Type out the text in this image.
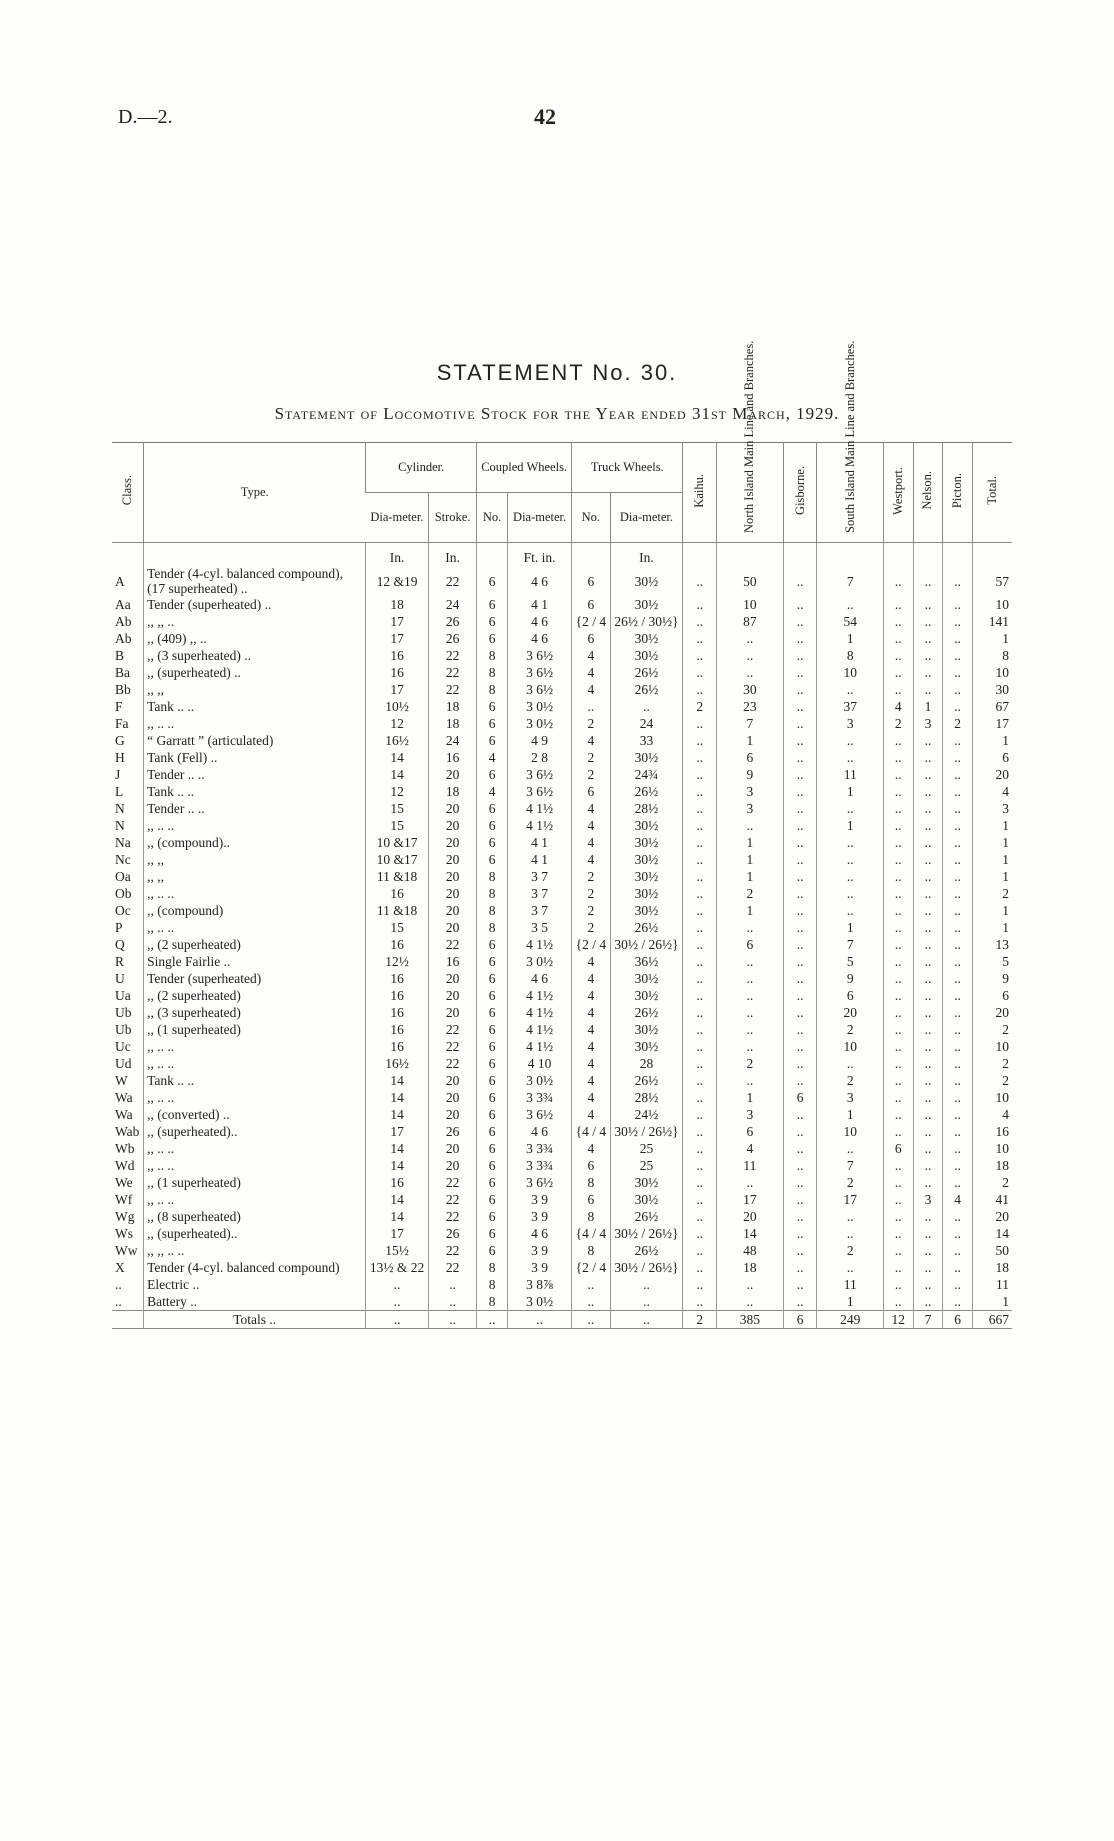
D.—2.	42
STATEMENT No. 30.
Statement of Locomotive Stock for the Year ended 31st March, 1929.
Class.	Type.	Cylinder.		Coupled Wheels.		Truck Wheels.		Kaihu.	North Island Main Line and Branches.	Gisborne.	South Island Main Line and Branches.	Westport.	Nelson.	Picton.	Total.
		Dia-meter.	Stroke.	No.	Dia-meter.	No.	Dia-meter.								
		In.	In.		Ft. in.		In.								
A	Tender (4-cyl. balanced compound), (17 superheated) ..	12 &19	22	6	4 6	6	30½	..	50	..	7	..	..	..	57
Aa	Tender (superheated) ..	18	24	6	4 1	6	30½	..	10	..	..	..	..	..	10
Ab	,, ,, ..	17	26	6	4 6	{2 / 4	26½ / 30½}	..	87	..	54	..	..	..	141
Ab	,, (409) ,, ..	17	26	6	4 6	6	30½	..	..	..	1	..	..	..	1
B	,, (3 superheated) ..	16	22	8	3 6½	4	30½	..	..	..	8	..	..	..	8
Ba	,, (superheated) ..	16	22	8	3 6½	4	26½	..	..	..	10	..	..	..	10
Bb	,, ,,	17	22	8	3 6½	4	26½	..	30	..	..	..	..	..	30
F	Tank .. ..	10½	18	6	3 0½	..	..	2	23	..	37	4	1	..	67
Fa	,, .. ..	12	18	6	3 0½	2	24	..	7	..	3	2	3	2	17
G	“ Garratt ” (articulated)	16½	24	6	4 9	4	33	..	1	..	..	..	..	..	1
H	Tank (Fell) ..	14	16	4	2 8	2	30½	..	6	..	..	..	..	..	6
J	Tender .. ..	14	20	6	3 6½	2	24¾	..	9	..	11	..	..	..	20
L	Tank .. ..	12	18	4	3 6½	6	26½	..	3	..	1	..	..	..	4
N	Tender .. ..	15	20	6	4 1½	4	28½	..	3	..	..	..	..	..	3
N	,, .. ..	15	20	6	4 1½	4	30½	..	..	..	1	..	..	..	1
Na	,, (compound)..	10 &17	20	6	4 1	4	30½	..	1	..	..	..	..	..	1
Nc	,, ,,	10 &17	20	6	4 1	4	30½	..	1	..	..	..	..	..	1
Oa	,, ,,	11 &18	20	8	3 7	2	30½	..	1	..	..	..	..	..	1
Ob	,, .. ..	16	20	8	3 7	2	30½	..	2	..	..	..	..	..	2
Oc	,, (compound)	11 &18	20	8	3 7	2	30½	..	1	..	..	..	..	..	1
P	,, .. ..	15	20	8	3 5	2	26½	..	..	..	1	..	..	..	1
Q	,, (2 superheated)	16	22	6	4 1½	{2 / 4	30½ / 26½}	..	6	..	7	..	..	..	13
R	Single Fairlie ..	12½	16	6	3 0½	4	36½	..	..	..	5	..	..	..	5
U	Tender (superheated)	16	20	6	4 6	4	30½	..	..	..	9	..	..	..	9
Ua	,, (2 superheated)	16	20	6	4 1½	4	30½	..	..	..	6	..	..	..	6
Ub	,, (3 superheated)	16	20	6	4 1½	4	26½	..	..	..	20	..	..	..	20
Ub	,, (1 superheated)	16	22	6	4 1½	4	30½	..	..	..	2	..	..	..	2
Uc	,, .. ..	16	22	6	4 1½	4	30½	..	..	..	10	..	..	..	10
Ud	,, .. ..	16½	22	6	4 10	4	28	..	2	..	..	..	..	..	2
W	Tank .. ..	14	20	6	3 0½	4	26½	..	..	..	2	..	..	..	2
Wa	,, .. ..	14	20	6	3 3¾	4	28½	..	1	6	3	..	..	..	10
Wa	,, (converted) ..	14	20	6	3 6½	4	24½	..	3	..	1	..	..	..	4
Wab	,, (superheated)..	17	26	6	4 6	{4 / 4	30½ / 26½}	..	6	..	10	..	..	..	16
Wb	,, .. ..	14	20	6	3 3¾	4	25	..	4	..	..	6	..	..	10
Wd	,, .. ..	14	20	6	3 3¾	6	25	..	11	..	7	..	..	..	18
We	,, (1 superheated)	16	22	6	3 6½	8	30½	..	..	..	2	..	..	..	2
Wf	,, .. ..	14	22	6	3 9	6	30½	..	17	..	17	..	3	4	41
Wg	,, (8 superheated)	14	22	6	3 9	8	26½	..	20	..	..	..	..	..	20
Ws	,, (superheated)..	17	26	6	4 6	{4 / 4	30½ / 26½}	..	14	..	..	..	..	..	14
Ww	,, ,, .. ..	15½	22	6	3 9	8	26½	..	48	..	2	..	..	..	50
X	Tender (4-cyl. balanced compound)	13½ & 22	22	8	3 9	{2 / 4	30½ / 26½}	..	18	..	..	..	..	..	18
..	Electric ..	..	..	8	3 8⅞	..	..	..	..	..	11	..	..	..	11
..	Battery ..	..	..	8	3 0½	..	..	..	..	..	1	..	..	..	1
	Totals ..	..	..	..	..	..	..	2	385	6	249	12	7	6	667
